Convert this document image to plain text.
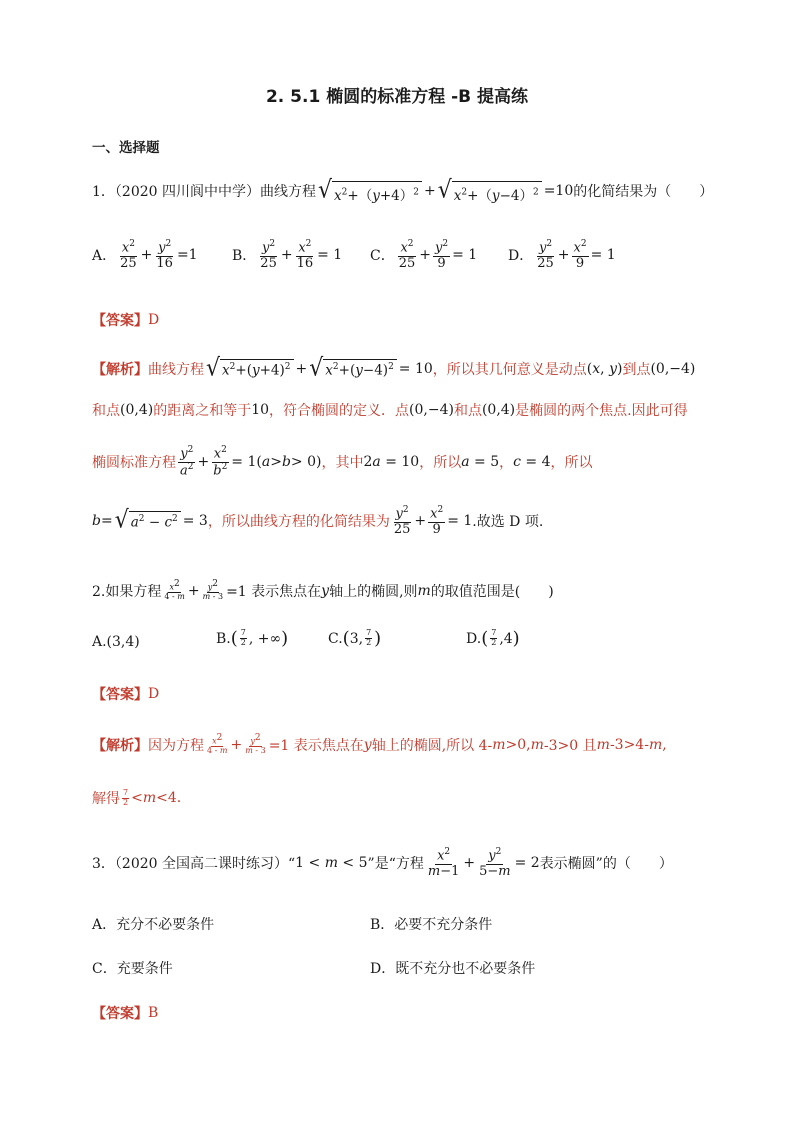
2. 5.1 椭圆的标准方程 -B 提高练
一、选择题
1．（2020 四川阆中中学）曲线方程 √ $x^2+(y+4)^2$ + √ $x^2+(y-4)^2 =10$ 的化简结果为（　　）
A． $\frac{x^2}{25} + \frac{y^2}{16} =1$ B． $\frac{y^2}{25} + \frac{x^2}{16} = 1$ C． $\frac{x^2}{25} + \frac{y^2}{9} = 1$ D． $\frac{y^2}{25} + \frac{x^2}{9} = 1$
【答案】 D
【解析】 曲线方程 √ $x^2+(y+4)^2$ + √ $x^2+(y-4)^2 = 10$ ，所以其几何意义是动点 (x, y) 到点 (0,−4)
和点 (0,4) 的距离之和等于 10 ，符合椭圆的定义．点 (0,−4) 和点 (0,4) 是椭圆的两个焦点.因此可得
椭圆标准方程 $\frac{y^2}{a^2} + \frac{x^2}{b^2} = 1$( a > b > 0) ，其中 2a = 10 ，所以 a = 5 ， c = 4 ，所以
b = √ $a^2 - c^2 = 3$ ，所以曲线方程的化简结果为 $\frac{y^2}{25} + \frac{x^2}{9} = 1$ .故选 D 项.
2.如果方程 $\frac{x^2}{4 - m} + \frac{y^2}{m - 3} =1$ 表示焦点在 y 轴上的椭圆,则 m 的取值范围是(　　)
A.(3,4)	B. ( $\frac{7}{2}$ , +∞ )	C. ( 3, $\frac{7}{2}$ )	D. ( $\frac{7}{2} ,4$ )
【答案】 D
【解析】 因为方程 $\frac{x^2}{4 - m} + \frac{y^2}{m - 3} =1$ 表示焦点在 y 轴上的椭圆,所以 4- m >0, m -3>0 且 m -3>4- m ,
解得 $\frac{7}{2} < m <4$.
3．（2020 全国高二课时练习）“ 1 < m < 5 ”是“方程 $\frac{x^2}{m-1} + \frac{y^2}{5-m} = 2$ 表示椭圆”的（　　）
A．充分不必要条件	B．必要不充分条件
C．充要条件	D．既不充分也不必要条件
【答案】 B
